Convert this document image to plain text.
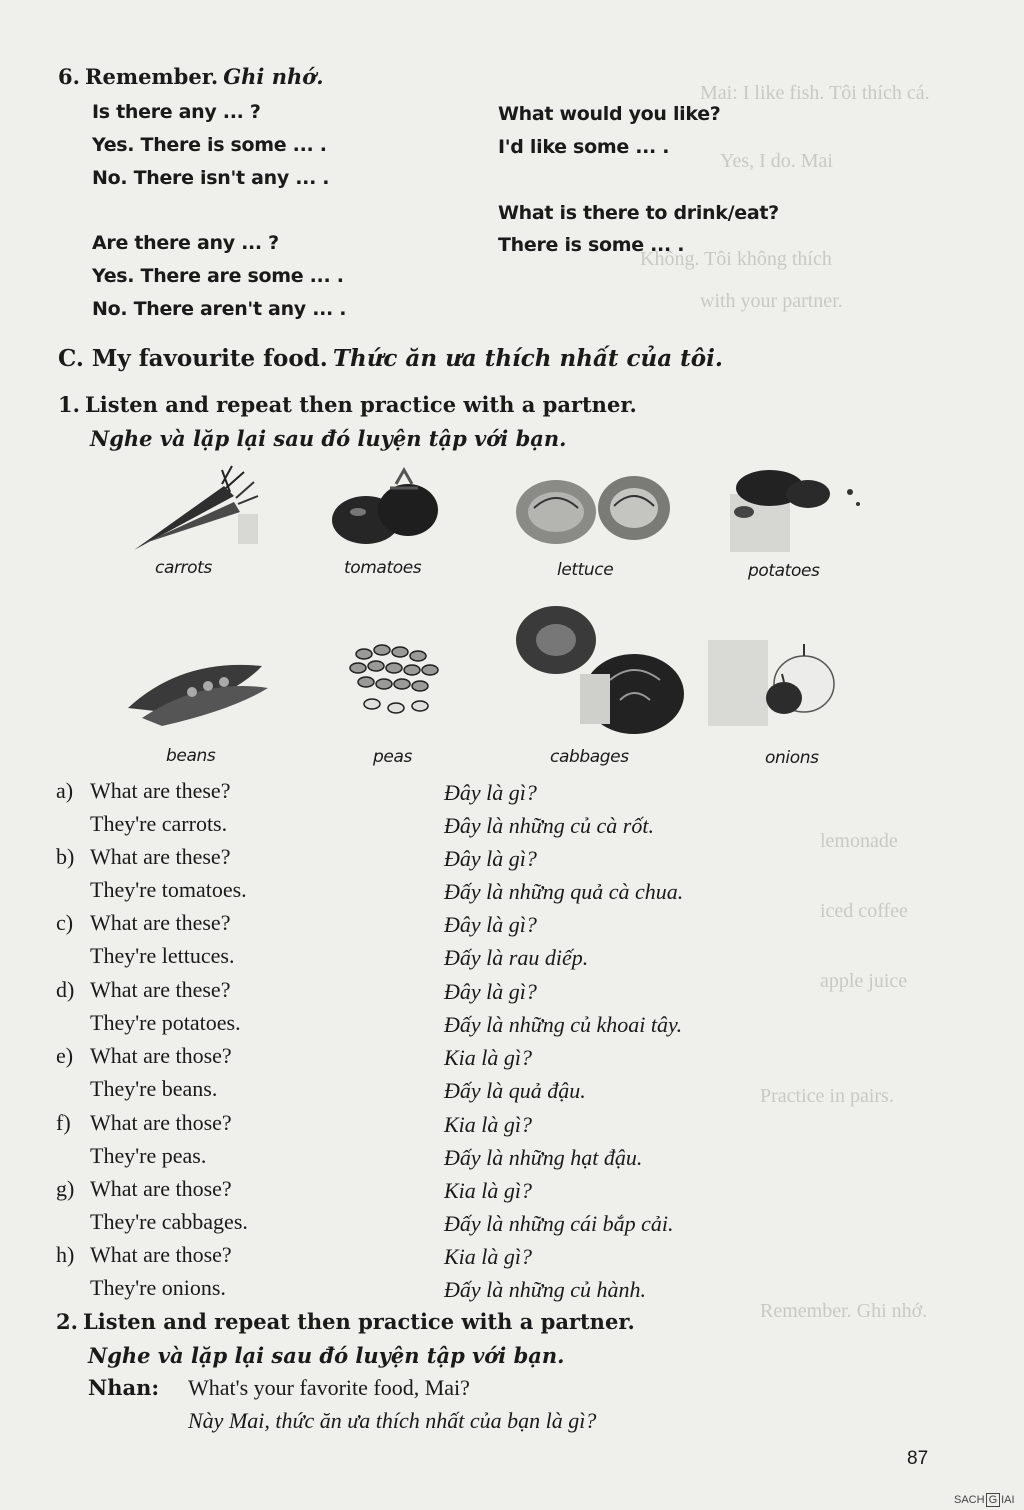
Mai: I like fish. Tôi thích cá.
Yes, I do. Mai
Không. Tôi không thích
with your partner.
lemonade
iced coffee
apple juice
Practice in pairs.
Remember. Ghi nhớ.
6. Remember. Ghi nhớ.
Is there any ... ?
Yes. There is some ... .
No. There isn't any ... .
Are there any ... ?
Yes. There are some ... .
No. There aren't any ... .
What would you like?
I'd like some ... .
What is there to drink/eat?
There is some ... .
C. My favourite food. Thức ăn ưa thích nhất của tôi.
1. Listen and repeat then practice with a partner.
Nghe và lặp lại sau đó luyện tập với bạn.
carrots	tomatoes	lettuce	potatoes
beans	peas	cabbages	onions
a) What are these?
They're carrots.
Đây là gì?
Đây là những củ cà rốt.
b) What are these?
They're tomatoes.
Đây là gì?
Đấy là những quả cà chua.
c) What are these?
They're lettuces.
Đây là gì?
Đấy là rau diếp.
d) What are these?
They're potatoes.
Đây là gì?
Đấy là những củ khoai tây.
e) What are those?
They're beans.
Kia là gì?
Đấy là quả đậu.
f) What are those?
They're peas.
Kia là gì?
Đấy là những hạt đậu.
g) What are those?
They're cabbages.
Kia là gì?
Đấy là những cái bắp cải.
h) What are those?
They're onions.
Kia là gì?
Đấy là những củ hành.
2. Listen and repeat then practice with a partner.
Nghe và lặp lại sau đó luyện tập với bạn.
Nhan: What's your favorite food, Mai?
Này Mai, thức ăn ưa thích nhất của bạn là gì?
87
SACH G IAI
